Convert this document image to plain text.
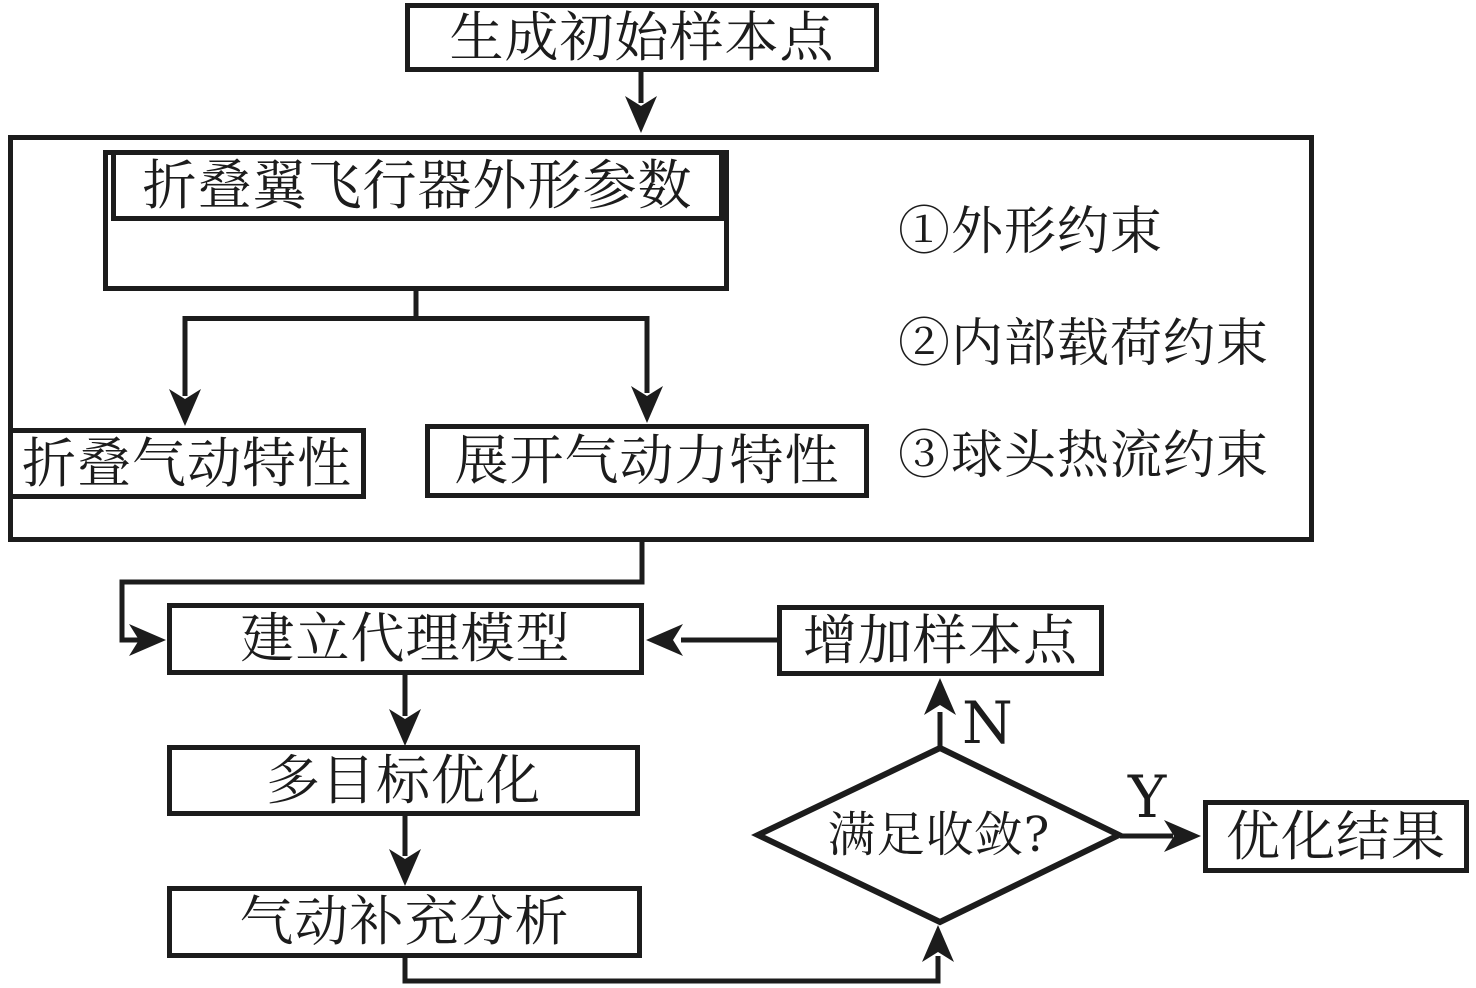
生成初始样本点
折叠翼飞行器外形参数
折叠气动特性	展开气动力特性
①外形约束
②内部载荷约束
③球头热流约束
建立代理模型	增加样本点
多目标优化
气动补充分析
满足收敛?
N
Y
优化结果
